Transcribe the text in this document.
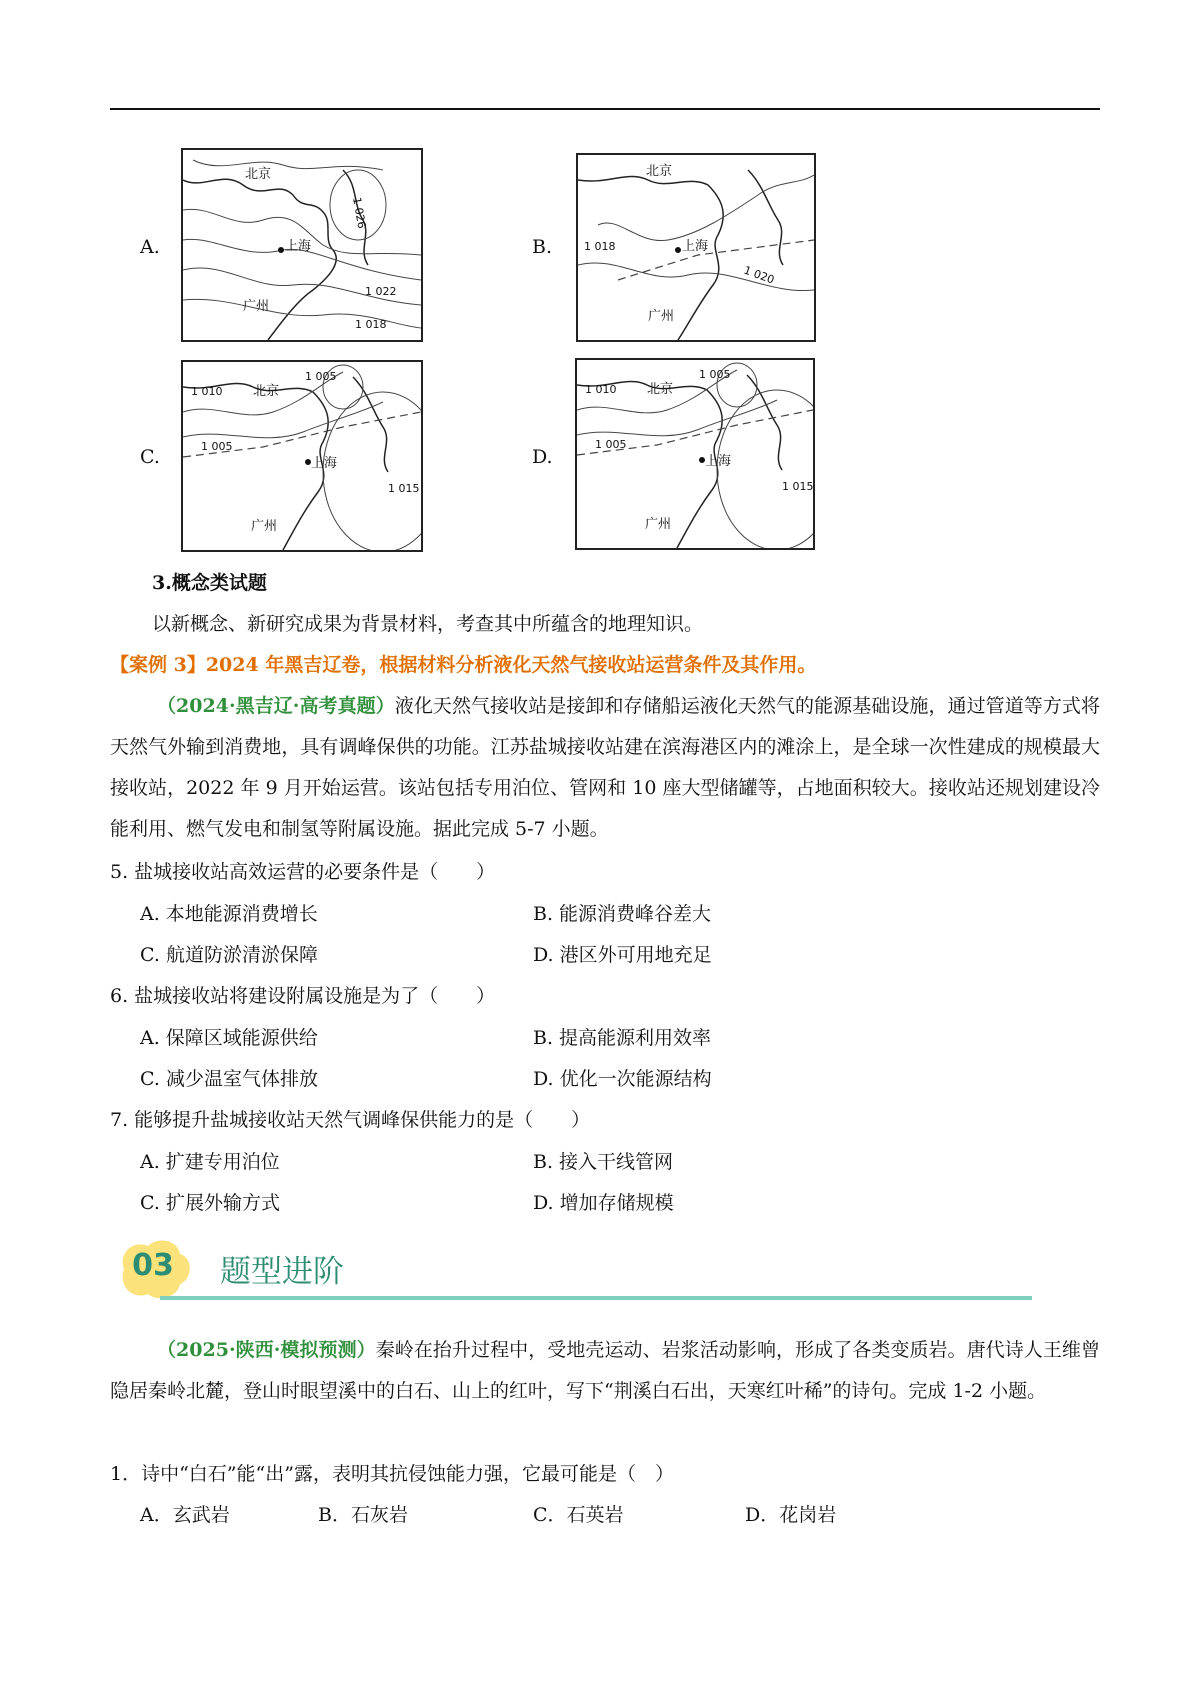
A.
北京
上海
广州
1 026
1 022
1 018
B.
北京
上海
广州
1 018
1 020
C.
北京
上海
广州
1 010
1 005
1 005
1 015
D.
北京
上海
广州
1 010
1 005
1 005
1 015
3.概念类试题
以新概念、新研究成果为背景材料，考查其中所蕴含的地理知识。
【案例 3】2024 年黑吉辽卷，根据材料分析液化天然气接收站运营条件及其作用。
（2024·黑吉辽·高考真题）液化天然气接收站是接卸和存储船运液化天然气的能源基础设施，通过管道等方式将天然气外输到消费地，具有调峰保供的功能。江苏盐城接收站建在滨海港区内的滩涂上，是全球一次性建成的规模最大接收站，2022 年 9 月开始运营。该站包括专用泊位、管网和 10 座大型储罐等，占地面积较大。接收站还规划建设冷能利用、燃气发电和制氢等附属设施。据此完成 5-7 小题。
5. 盐城接收站高效运营的必要条件是（　　）
A. 本地能源消费增长	B. 能源消费峰谷差大
C. 航道防淤清淤保障	D. 港区外可用地充足
6. 盐城接收站将建设附属设施是为了（　　）
A. 保障区域能源供给	B. 提高能源利用效率
C. 减少温室气体排放	D. 优化一次能源结构
7. 能够提升盐城接收站天然气调峰保供能力的是（　　）
A. 扩建专用泊位	B. 接入干线管网
C. 扩展外输方式	D. 增加存储规模
03	题型进阶
（2025·陕西·模拟预测）秦岭在抬升过程中，受地壳运动、岩浆活动影响，形成了各类变质岩。唐代诗人王维曾隐居秦岭北麓，登山时眼望溪中的白石、山上的红叶，写下“荆溪白石出，天寒红叶稀”的诗句。完成 1-2 小题。
1．诗中“白石”能“出”露，表明其抗侵蚀能力强，它最可能是（　）
A．玄武岩	B．石灰岩	C．石英岩	D．花岗岩
